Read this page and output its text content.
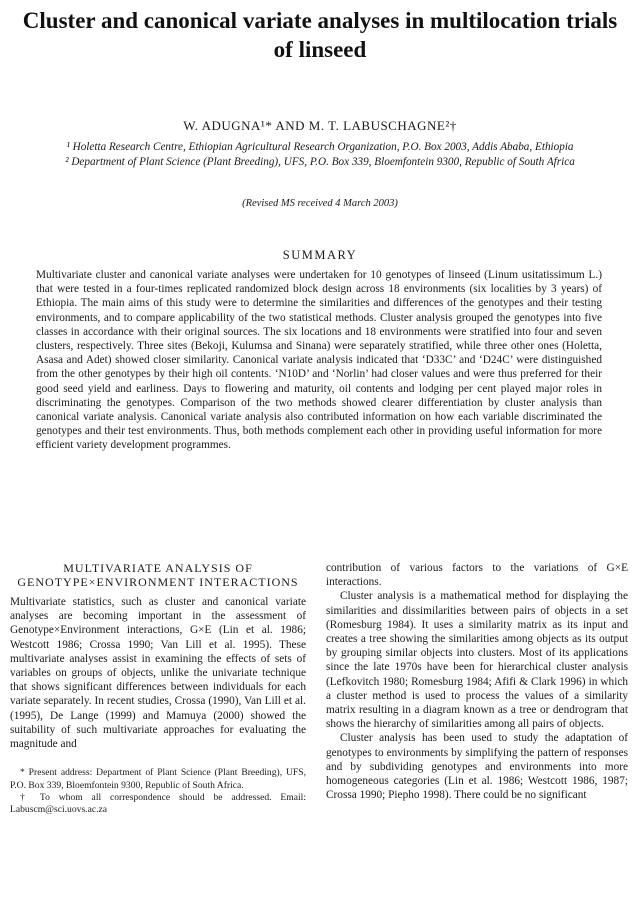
Cluster and canonical variate analyses in multilocation trials of linseed
W. ADUGNA¹* AND M. T. LABUSCHAGNE²†

¹ Holetta Research Centre, Ethiopian Agricultural Research Organization, P.O. Box 2003, Addis Ababa, Ethiopia

² Department of Plant Science (Plant Breeding), UFS, P.O. Box 339, Bloemfontein 9300, Republic of South Africa

(Revised MS received 4 March 2003)
SUMMARY

Multivariate cluster and canonical variate analyses were undertaken for 10 genotypes of linseed (Linum usitatissimum L.) that were tested in a four-times replicated randomized block design across 18 environments (six localities by 3 years) of Ethiopia. The main aims of this study were to determine the similarities and differences of the genotypes and their testing environments, and to compare applicability of the two statistical methods. Cluster analysis grouped the genotypes into five classes in accordance with their original sources. The six locations and 18 environments were stratified into four and seven clusters, respectively. Three sites (Bekoji, Kulumsa and Sinana) were separately stratified, while three other ones (Holetta, Asasa and Adet) showed closer similarity. Canonical variate analysis indicated that ‘D33C’ and ‘D24C’ were distinguished from the other genotypes by their high oil contents. ‘N10D’ and ‘Norlin’ had closer values and were thus preferred for their good seed yield and earliness. Days to flowering and maturity, oil contents and lodging per cent played major roles in discriminating the genotypes. Comparison of the two methods showed clearer differentiation by cluster analysis than canonical variate analysis. Canonical variate analysis also contributed information on how each variable discriminated the genotypes and their test environments. Thus, both methods complement each other in providing useful information for more efficient variety development programmes.

MULTIVARIATE ANALYSIS OF GENOTYPE×ENVIRONMENT INTERACTIONS

Multivariate statistics, such as cluster and canonical variate analyses are becoming important in the assessment of Genotype×Environment interactions, G×E (Lin et al. 1986; Westcott 1986; Crossa 1990; Van Lill et al. 1995). These multivariate analyses assist in examining the effects of sets of variables on groups of objects, unlike the univariate technique that shows significant differences between individuals for each variate separately. In recent studies, Crossa (1990), Van Lill et al. (1995), De Lange (1999) and Mamuya (2000) showed the suitability of such multivariate approaches for evaluating the magnitude and

* Present address: Department of Plant Science (Plant Breeding), UFS, P.O. Box 339, Bloemfontein 9300, Republic of South Africa.

† To whom all correspondence should be addressed. Email: Labuscm@sci.uovs.ac.za

contribution of various factors to the variations of G×E interactions.

Cluster analysis is a mathematical method for displaying the similarities and dissimilarities between pairs of objects in a set (Romesburg 1984). It uses a similarity matrix as its input and creates a tree showing the similarities among objects as its output by grouping similar objects into clusters. Most of its applications since the late 1970s have been for hierarchical cluster analysis (Lefkovitch 1980; Romesburg 1984; Afifi & Clark 1996) in which a cluster method is used to process the values of a similarity matrix resulting in a diagram known as a tree or dendrogram that shows the hierarchy of similarities among all pairs of objects.

Cluster analysis has been used to study the adaptation of genotypes to environments by simplifying the pattern of responses and by subdividing genotypes and environments into more homogeneous categories (Lin et al. 1986; Westcott 1986, 1987; Crossa 1990; Piepho 1998). There could be no significant
